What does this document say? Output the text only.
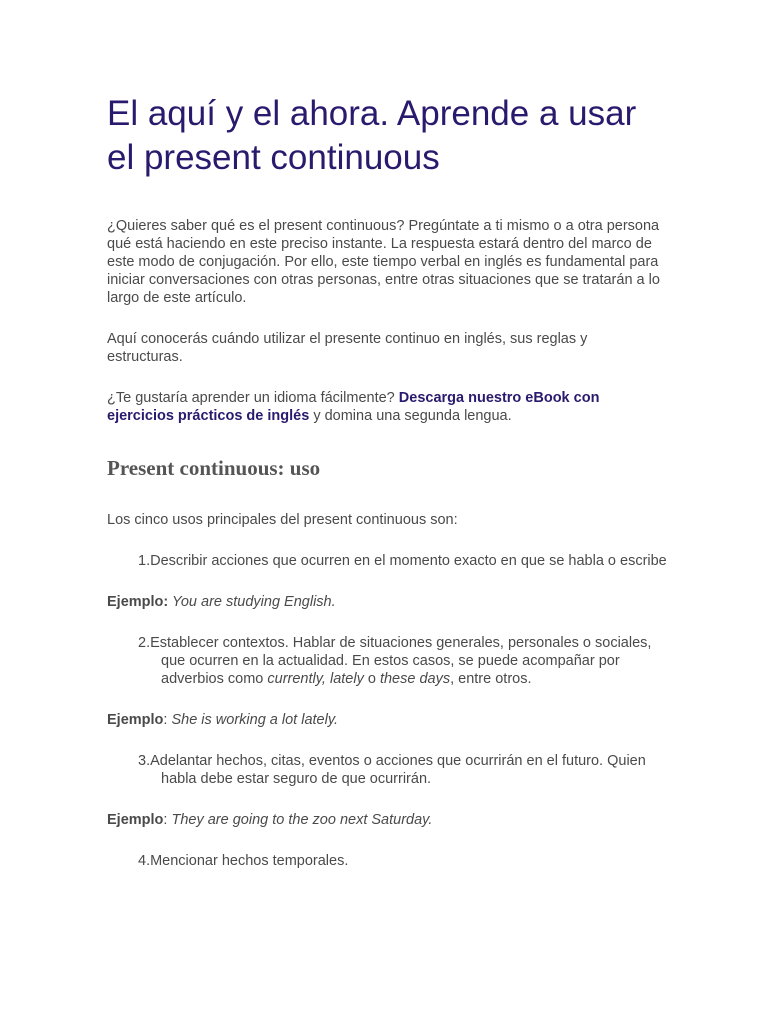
El aquí y el ahora. Aprende a usar el present continuous

¿Quieres saber qué es el present continuous? Pregúntate a ti mismo o a otra persona qué está haciendo en este preciso instante. La respuesta estará dentro del marco de este modo de conjugación. Por ello, este tiempo verbal en inglés es fundamental para iniciar conversaciones con otras personas, entre otras situaciones que se tratarán a lo largo de este artículo.

Aquí conocerás cuándo utilizar el presente continuo en inglés, sus reglas y estructuras.

¿Te gustaría aprender un idioma fácilmente? Descarga nuestro eBook con ejercicios prácticos de inglés y domina una segunda lengua.

Present continuous: uso

Los cinco usos principales del present continuous son:

1.Describir acciones que ocurren en el momento exacto en que se habla o escribe
Ejemplo: You are studying English.
2.Establecer contextos. Hablar de situaciones generales, personales o sociales, que ocurren en la actualidad. En estos casos, se puede acompañar por adverbios como currently, lately o these days, entre otros.
Ejemplo: She is working a lot lately.
3.Adelantar hechos, citas, eventos o acciones que ocurrirán en el futuro. Quien habla debe estar seguro de que ocurrirán.
Ejemplo: They are going to the zoo next Saturday.
4.Mencionar hechos temporales.
